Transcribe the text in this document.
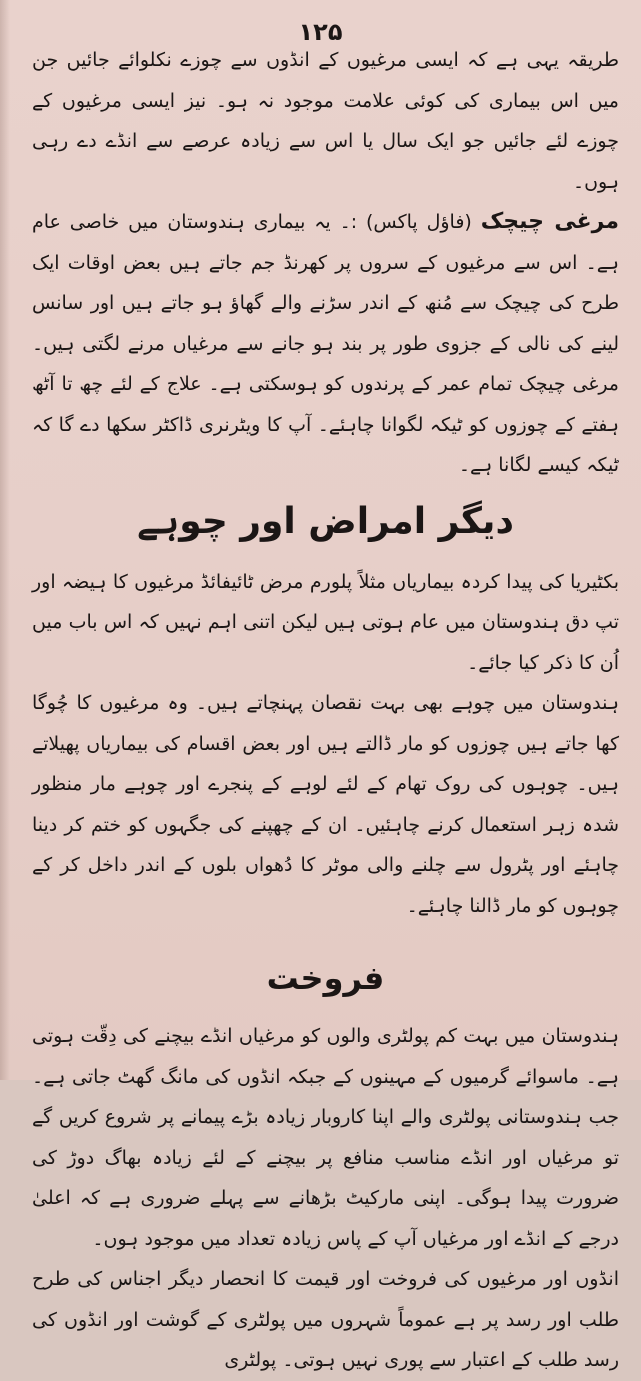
۱۲۵

طریقہ یہی ہے کہ ایسی مرغیوں کے انڈوں سے چوزے نکلوائے جائیں جن میں اس بیماری کی کوئی علامت موجود نہ ہو۔ نیز ایسی مرغیوں کے چوزے لئے جائیں جو ایک سال یا اس سے زیادہ عرصے سے انڈے دے رہی ہوں۔

مرغی چیچک (فاؤل پاکس) :۔ یہ بیماری ہندوستان میں خاصی عام ہے۔ اس سے مرغیوں کے سروں پر کھرنڈ جم جاتے ہیں بعض اوقات ایک طرح کی چیچک سے مُنھ کے اندر سڑنے والے گھاؤ ہو جاتے ہیں اور سانس لینے کی نالی کے جزوی طور پر بند ہو جانے سے مرغیاں مرنے لگتی ہیں۔ مرغی چیچک تمام عمر کے پرندوں کو ہوسکتی ہے۔ علاج کے لئے چھ تا آٹھ ہفتے کے چوزوں کو ٹیکہ لگوانا چاہئے۔ آپ کا ویٹرنری ڈاکٹر سکھا دے گا کہ ٹیکہ کیسے لگانا ہے۔

دیگر امراض اور چوہے

بکٹیریا کی پیدا کردہ بیماریاں مثلاً پلورم مرض ٹائیفائڈ مرغیوں کا ہیضہ اور تپ دق ہندوستان میں عام ہوتی ہیں لیکن اتنی اہم نہیں کہ اس باب میں اُن کا ذکر کیا جائے۔

ہندوستان میں چوہے بھی بہت نقصان پہنچاتے ہیں۔ وہ مرغیوں کا چُوگا کھا جاتے ہیں چوزوں کو مار ڈالتے ہیں اور بعض اقسام کی بیماریاں پھیلاتے ہیں۔ چوہوں کی روک تھام کے لئے لوہے کے پنجرے اور چوہے مار منظور شدہ زہر استعمال کرنے چاہئیں۔ ان کے چھپنے کی جگہوں کو ختم کر دینا چاہئے اور پٹرول سے چلنے والی موٹر کا دُھواں بلوں کے اندر داخل کر کے چوہوں کو مار ڈالنا چاہئے۔

فروخت

ہندوستان میں بہت کم پولٹری والوں کو مرغیاں انڈے بیچنے کی دِقّت ہوتی ہے۔ ماسوائے گرمیوں کے مہینوں کے جبکہ انڈوں کی مانگ گھٹ جاتی ہے۔ جب ہندوستانی پولٹری والے اپنا کاروبار زیادہ بڑے پیمانے پر شروع کریں گے تو مرغیاں اور انڈے مناسب منافع پر بیچنے کے لئے زیادہ بھاگ دوڑ کی ضرورت پیدا ہوگی۔ اپنی مارکیٹ بڑھانے سے پہلے ضروری ہے کہ اعلیٰ درجے کے انڈے اور مرغیاں آپ کے پاس زیادہ تعداد میں موجود ہوں۔

انڈوں اور مرغیوں کی فروخت اور قیمت کا انحصار دیگر اجناس کی طرح طلب اور رسد پر ہے عموماً شہروں میں پولٹری کے گوشت اور انڈوں کی رسد طلب کے اعتبار سے پوری نہیں ہوتی۔ پولٹری
